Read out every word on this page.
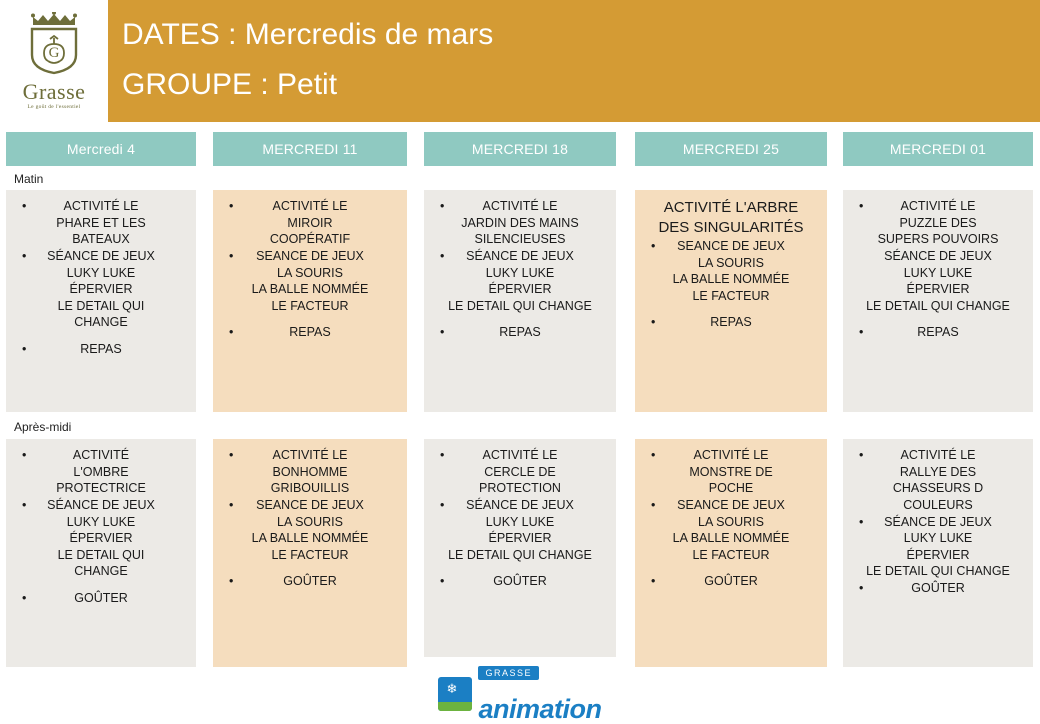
G
Grasse
Le goût de l'essentiel
DATES : Mercredis de mars
GROUPE : Petit
Mercredi 4	MERCREDI 11	MERCREDI 18	MERCREDI 25	MERCREDI 01
Matin
Après-midi
•	ACTIVITÉ LE
PHARE ET LES
BATEAUX
• SÉANCE DE JEUX
LUKY LUKE
ÉPERVIER
LE DETAIL QUI
CHANGE
•	REPAS
•	ACTIVITÉ LE
MIROIR
COOPÉRATIF
• SEANCE DE JEUX
LA SOURIS
LA BALLE NOMMÉE
LE FACTEUR
•	REPAS
•	ACTIVITÉ LE
JARDIN DES MAINS
SILENCIEUSES
• SÉANCE DE JEUX
LUKY LUKE
ÉPERVIER
LE DETAIL QUI CHANGE
•	REPAS
ACTIVITÉ L'ARBRE
DES SINGULARITÉS
• SEANCE DE JEUX
LA SOURIS
LA BALLE NOMMÉE
LE FACTEUR
•	REPAS
•	ACTIVITÉ LE
PUZZLE DES
SUPERS POUVOIRS
SÉANCE DE JEUX
LUKY LUKE
ÉPERVIER
LE DETAIL QUI CHANGE
•	REPAS
•	ACTIVITÉ
L'OMBRE
PROTECTRICE
• SÉANCE DE JEUX
LUKY LUKE
ÉPERVIER
LE DETAIL QUI
CHANGE
•	GOÛTER
•	ACTIVITÉ LE
BONHOMME
GRIBOUILLIS
• SEANCE DE JEUX
LA SOURIS
LA BALLE NOMMÉE
LE FACTEUR
•	GOÛTER
•	ACTIVITÉ LE
CERCLE DE
PROTECTION
• SÉANCE DE JEUX
LUKY LUKE
ÉPERVIER
LE DETAIL QUI CHANGE
•	GOÛTER
•	ACTIVITÉ LE
MONSTRE DE
POCHE
• SEANCE DE JEUX
LA SOURIS
LA BALLE NOMMÉE
LE FACTEUR
•	GOÛTER
•	ACTIVITÉ LE
RALLYE DES
CHASSEURS D
COULEURS
• SÉANCE DE JEUX
LUKY LUKE
ÉPERVIER
LE DETAIL QUI CHANGE
•	GOÛTER
❄
GRASSE
animation
